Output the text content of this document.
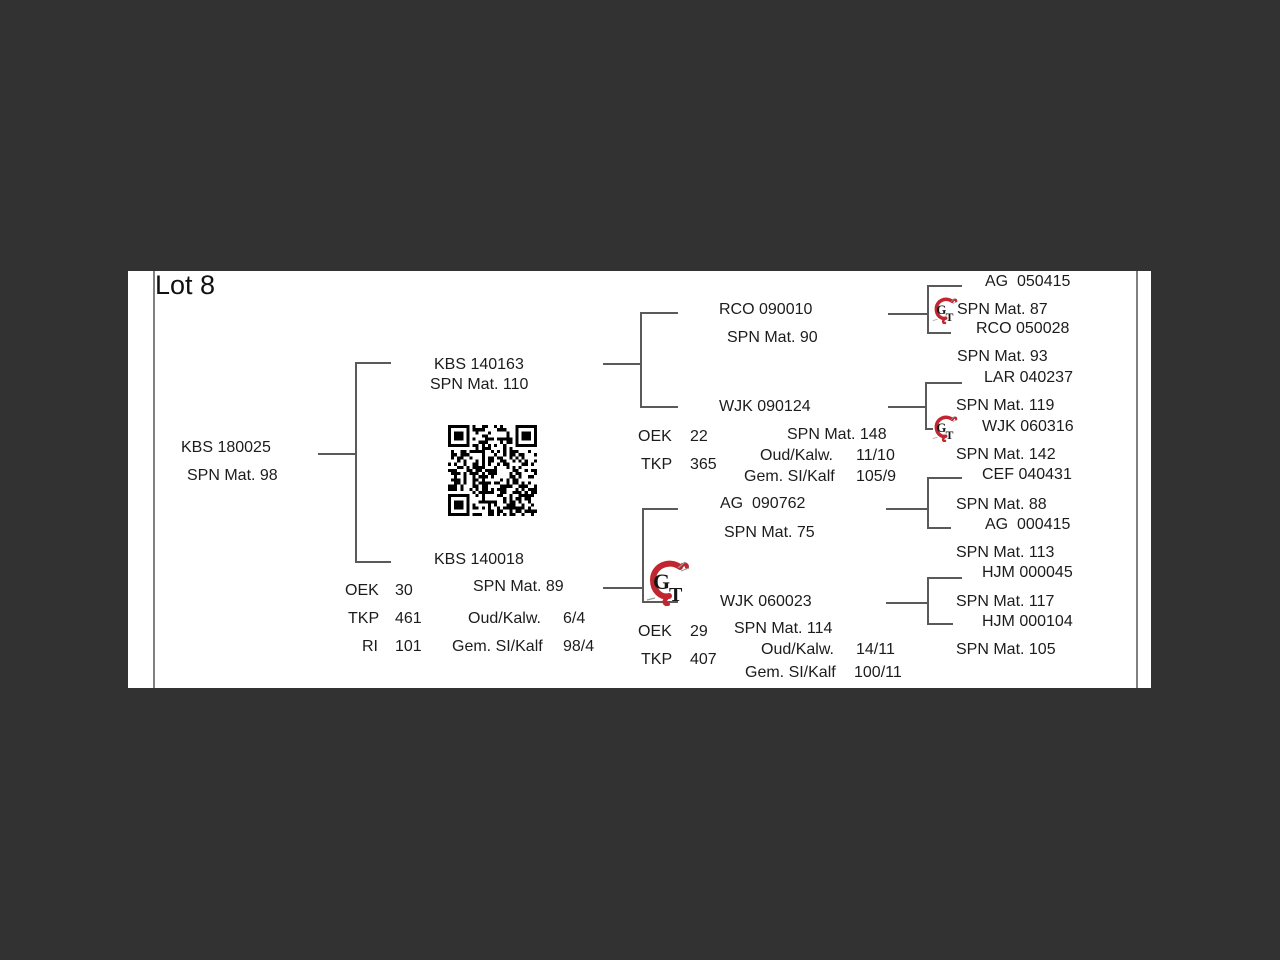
Lot 8
KBS 180025
SPN Mat. 98
KBS 140163
SPN Mat. 110
KBS 140018
SPN Mat. 89
OEK 30
TKP 461
RI 101
Oud/Kalw. 6/4
Gem. SI/Kalf 98/4
G
T
RCO 090010
SPN Mat. 90
WJK 090124
OEK 22
TKP 365
SPN Mat. 148
Oud/Kalw. 11/10
Gem. SI/Kalf 105/9
AG  090762
SPN Mat. 75
WJK 060023
OEK 29
TKP 407
SPN Mat. 114
Oud/Kalw. 14/11
Gem. SI/Kalf 100/11
G
T
G
T
AG  050415
SPN Mat. 87
RCO 050028
SPN Mat. 93
LAR 040237
SPN Mat. 119
WJK 060316
SPN Mat. 142
CEF 040431
SPN Mat. 88
AG  000415
SPN Mat. 113
HJM 000045
SPN Mat. 117
HJM 000104
SPN Mat. 105
